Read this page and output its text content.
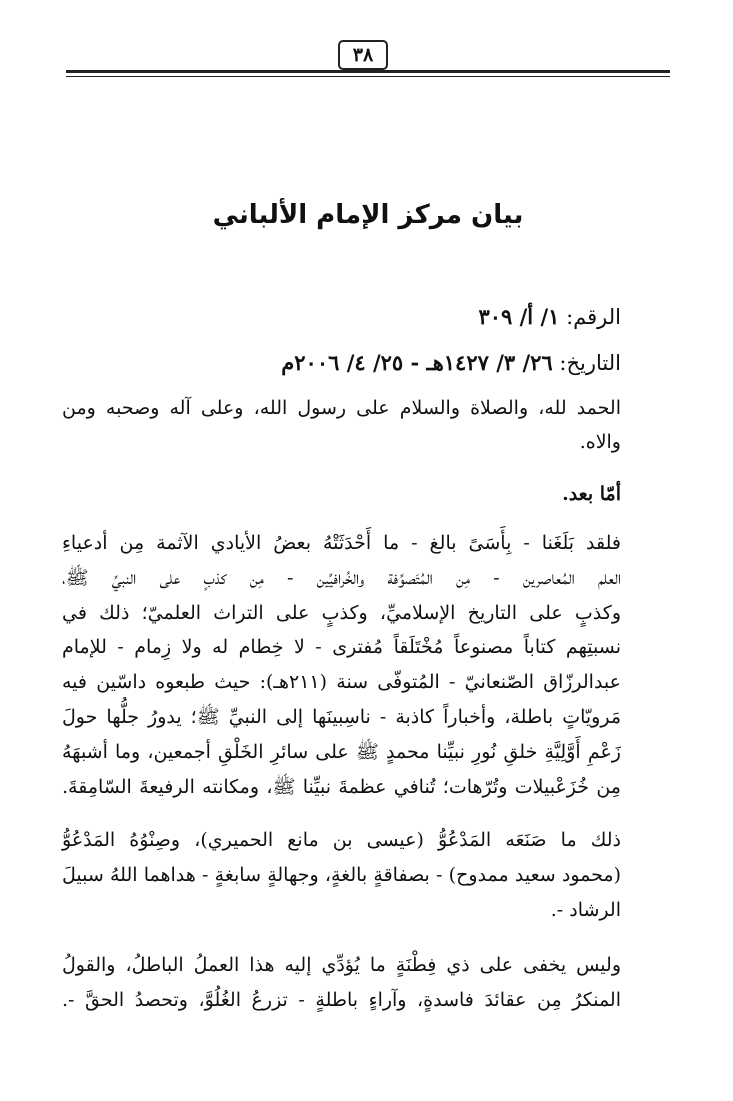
٣٨
بيان مركز الإمام الألباني
الرقم: ١/ أ/ ٣٠٩
التاريخ: ٢٦/ ٣/ ١٤٢٧هـ - ٢٥/ ٤/ ٢٠٠٦م
الحمد لله، والصلاة والسلام على رسول الله، وعلى آله وصحبه ومن
والاه.
أمّا بعد.
فلقد بَلَغَنا - بِأَسَىً بالغ - ما أَحْدَثَتْهُ بعضُ الأيادي الآثمة مِن أدعياءِ
العلم المُعاصرين - مِن المُتَصوِّفة والخُرافيِّين - مِن كذبٍ على النبيِّ ﷺ،
وكذبٍ على التاريخ الإسلاميِّ، وكذبٍ على التراث العلميّ؛ ذلك في
نسبتِهم كتاباً مصنوعاً مُخْتَلَقاً مُفترى - لا خِطام له ولا زِمام - للإمام
عبدالرزّاق الصّنعانيّ - المُتوفّى سنة (٢١١هـ): حيث طبعوه داسّين فيه
مَرويّاتٍ باطلة، وأخباراً كاذبة - ناسِبينَها إلى النبيِّ ﷺ؛ يدورُ جلُّها حولَ
زَعْمِ أَوَّلِيَّةِ خلقِ نُورِ نبيِّنا محمدٍ ﷺ على سائرِ الخَلْقِ أجمعين، وما أشبهَهُ
مِن خُزَعْبيلات وتُرّهات؛ تُنافي عظمةَ نبيِّنا ﷺ، ومكانته الرفيعةَ السّامِقةَ.
ذلك ما صَنَعَه المَدْعُوُّ (عيسى بن مانع الحميري)، وصِنْوُهُ المَدْعُوُّ
(محمود سعيد ممدوح) - بصفاقةٍ بالغةٍ، وجهالةٍ سابغةٍ - هداهما اللهُ سبيلَ
الرشاد -.
وليس يخفى على ذي فِطْنَةٍ ما يُؤدِّي إليه هذا العملُ الباطلُ، والقولُ
المنكرُ مِن عقائدَ فاسدةٍ، وآراءٍ باطلةٍ - تزرعُ الغُلُوَّ، وتحصدُ الحقَّ -.
